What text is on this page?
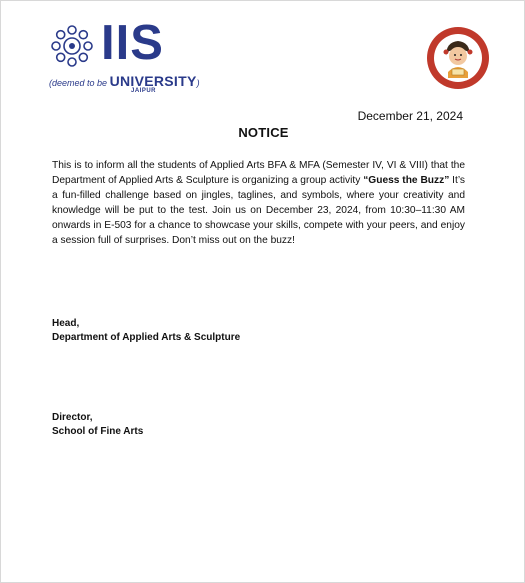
IIS
(deemed to be UNIVERSITY)
JAIPUR
December 21, 2024
NOTICE
This is to inform all the students of Applied Arts BFA & MFA (Semester IV, VI & VIII) that the Department of Applied Arts & Sculpture is organizing a group activity “Guess the Buzz” It’s a fun-filled challenge based on jingles, taglines, and symbols, where your creativity and knowledge will be put to the test. Join us on December 23, 2024, from 10:30–11:30 AM onwards in E-503 for a chance to showcase your skills, compete with your peers, and enjoy a session full of surprises. Don’t miss out on the buzz!
Head,
Department of Applied Arts & Sculpture
Director,
School of Fine Arts
